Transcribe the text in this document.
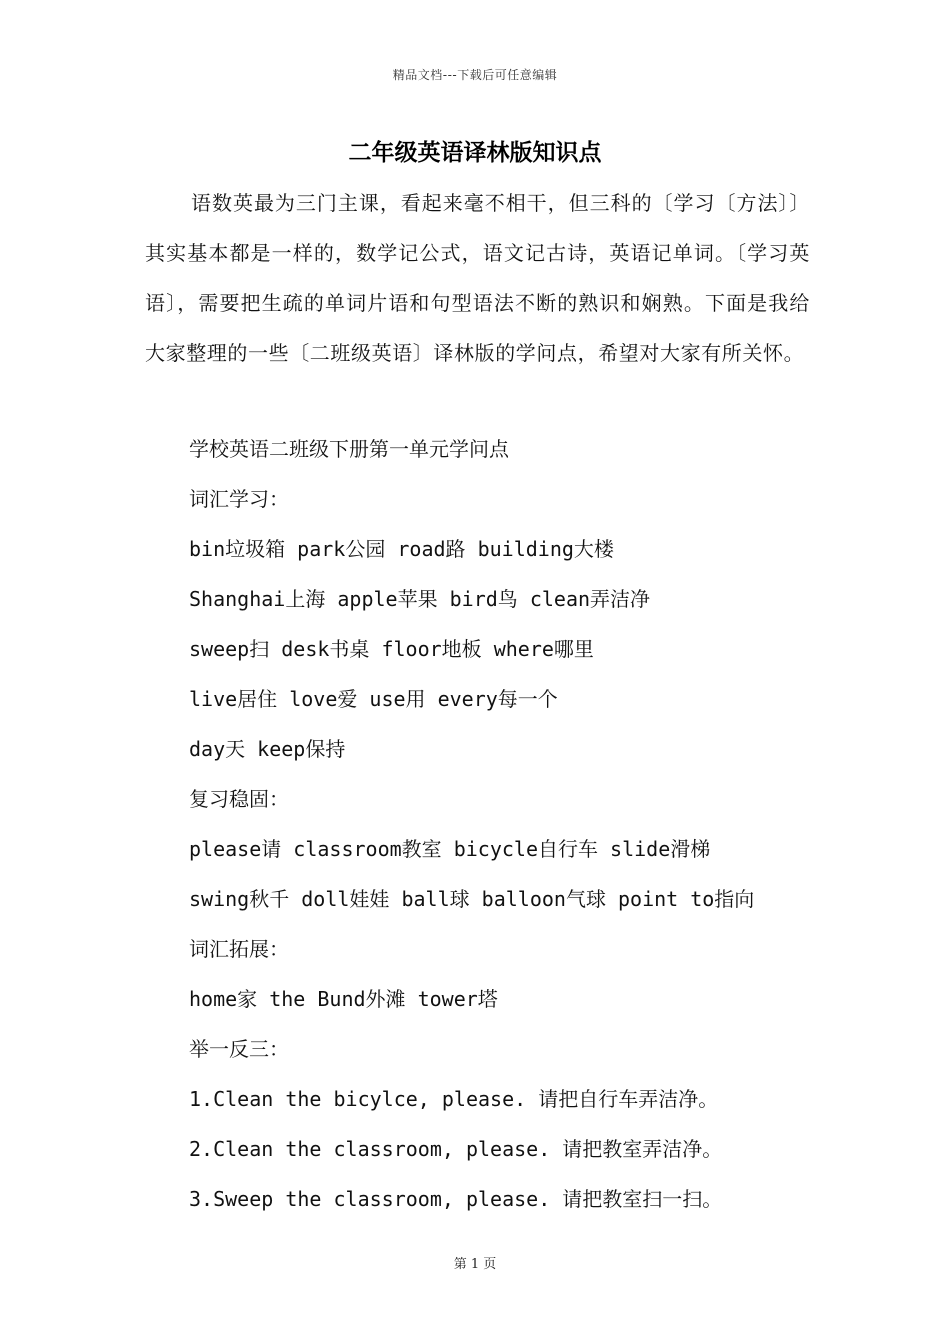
精品文档---下载后可任意编辑
二年级英语译林版知识点
语数英最为三门主课，看起来毫不相干，但三科的〔学习〔方法〕〕其实基本都是一样的，数学记公式，语文记古诗，英语记单词。〔学习英语〕，需要把生疏的单词片语和句型语法不断的熟识和娴熟。下面是我给大家整理的一些〔二班级英语〕译林版的学问点，希望对大家有所关怀。
学校英语二班级下册第一单元学问点
词汇学习：
bin垃圾箱 park公园 road路 building大楼
Shanghai上海 apple苹果 bird鸟 clean弄洁净
sweep扫 desk书桌 floor地板 where哪里
live居住 love爱 use用 every每一个
day天 keep保持
复习稳固：
please请 classroom教室 bicycle自行车 slide滑梯
swing秋千 doll娃娃 ball球 balloon气球 point to指向
词汇拓展：
home家 the Bund外滩 tower塔
举一反三：
1.Clean the bicylce, please. 请把自行车弄洁净。
2.Clean the classroom, please. 请把教室弄洁净。
3.Sweep the classroom, please. 请把教室扫一扫。
第 1 页
